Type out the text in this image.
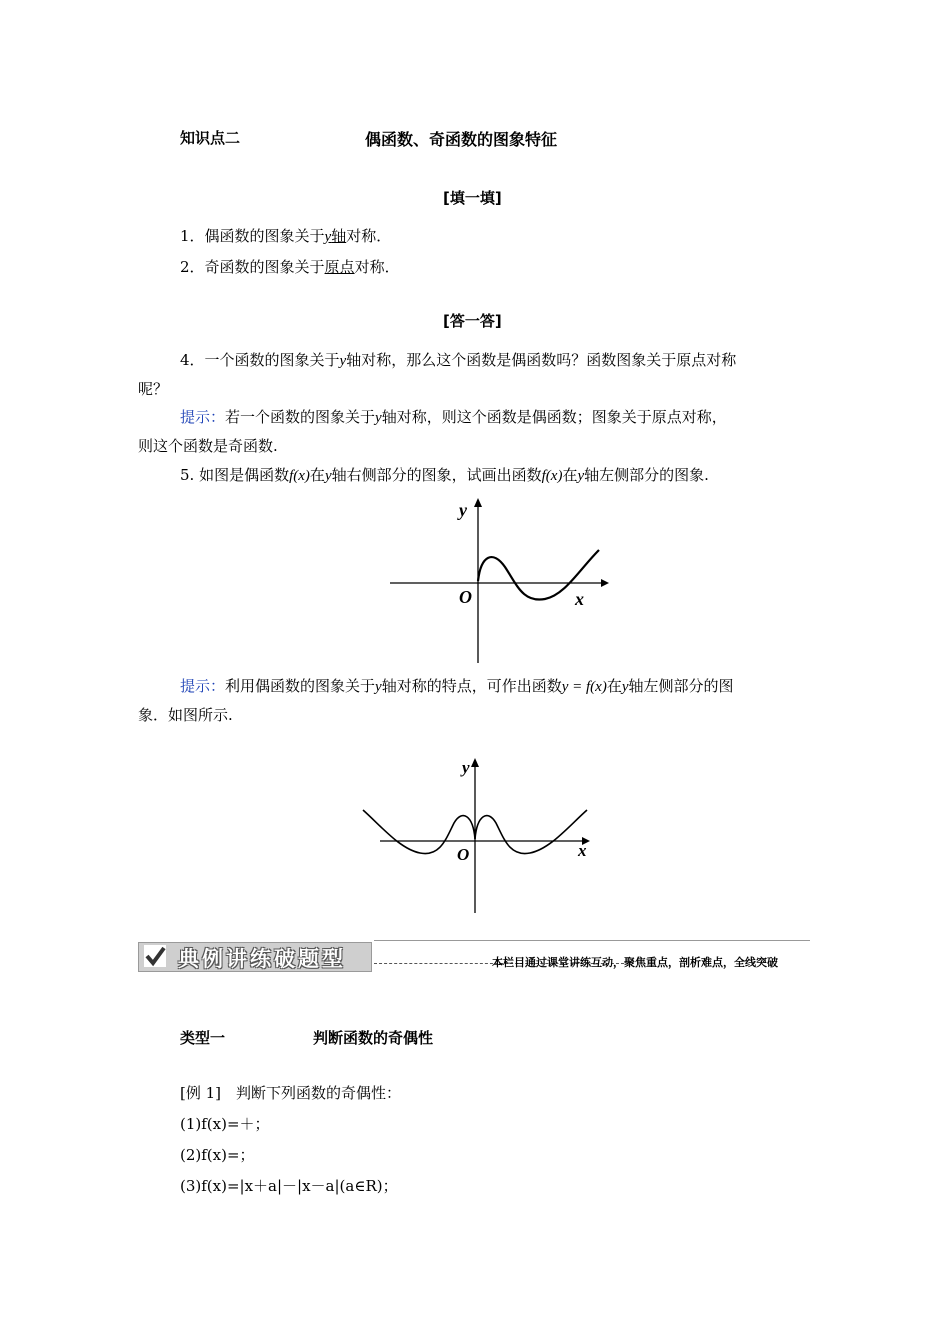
知识点二	偶函数、奇函数的图象特征
[填一填]
1．偶函数的图象关于y轴对称．
2．奇函数的图象关于原点对称．
[答一答]
4．一个函数的图象关于y轴对称，那么这个函数是偶函数吗？函数图象关于原点对称
呢？
提示：若一个函数的图象关于y轴对称，则这个函数是偶函数；图象关于原点对称，
则这个函数是奇函数.
5. 如图是偶函数f(x)在y轴右侧部分的图象，试画出函数f(x)在y轴左侧部分的图象.
y
O	x
提示：利用偶函数的图象关于y轴对称的特点，可作出函数y = f(x)在y轴左侧部分的图
象．如图所示.
y
O	x
典例讲练破题型	本栏目通过课堂讲练互动，聚焦重点，剖析难点，全线突破
类型一	判断函数的奇偶性
[例 1]　判断下列函数的奇偶性：
(1)f(x)=＋；
(2)f(x)=；
(3)f(x)=|x＋a|－|x－a|(a∈R)；
